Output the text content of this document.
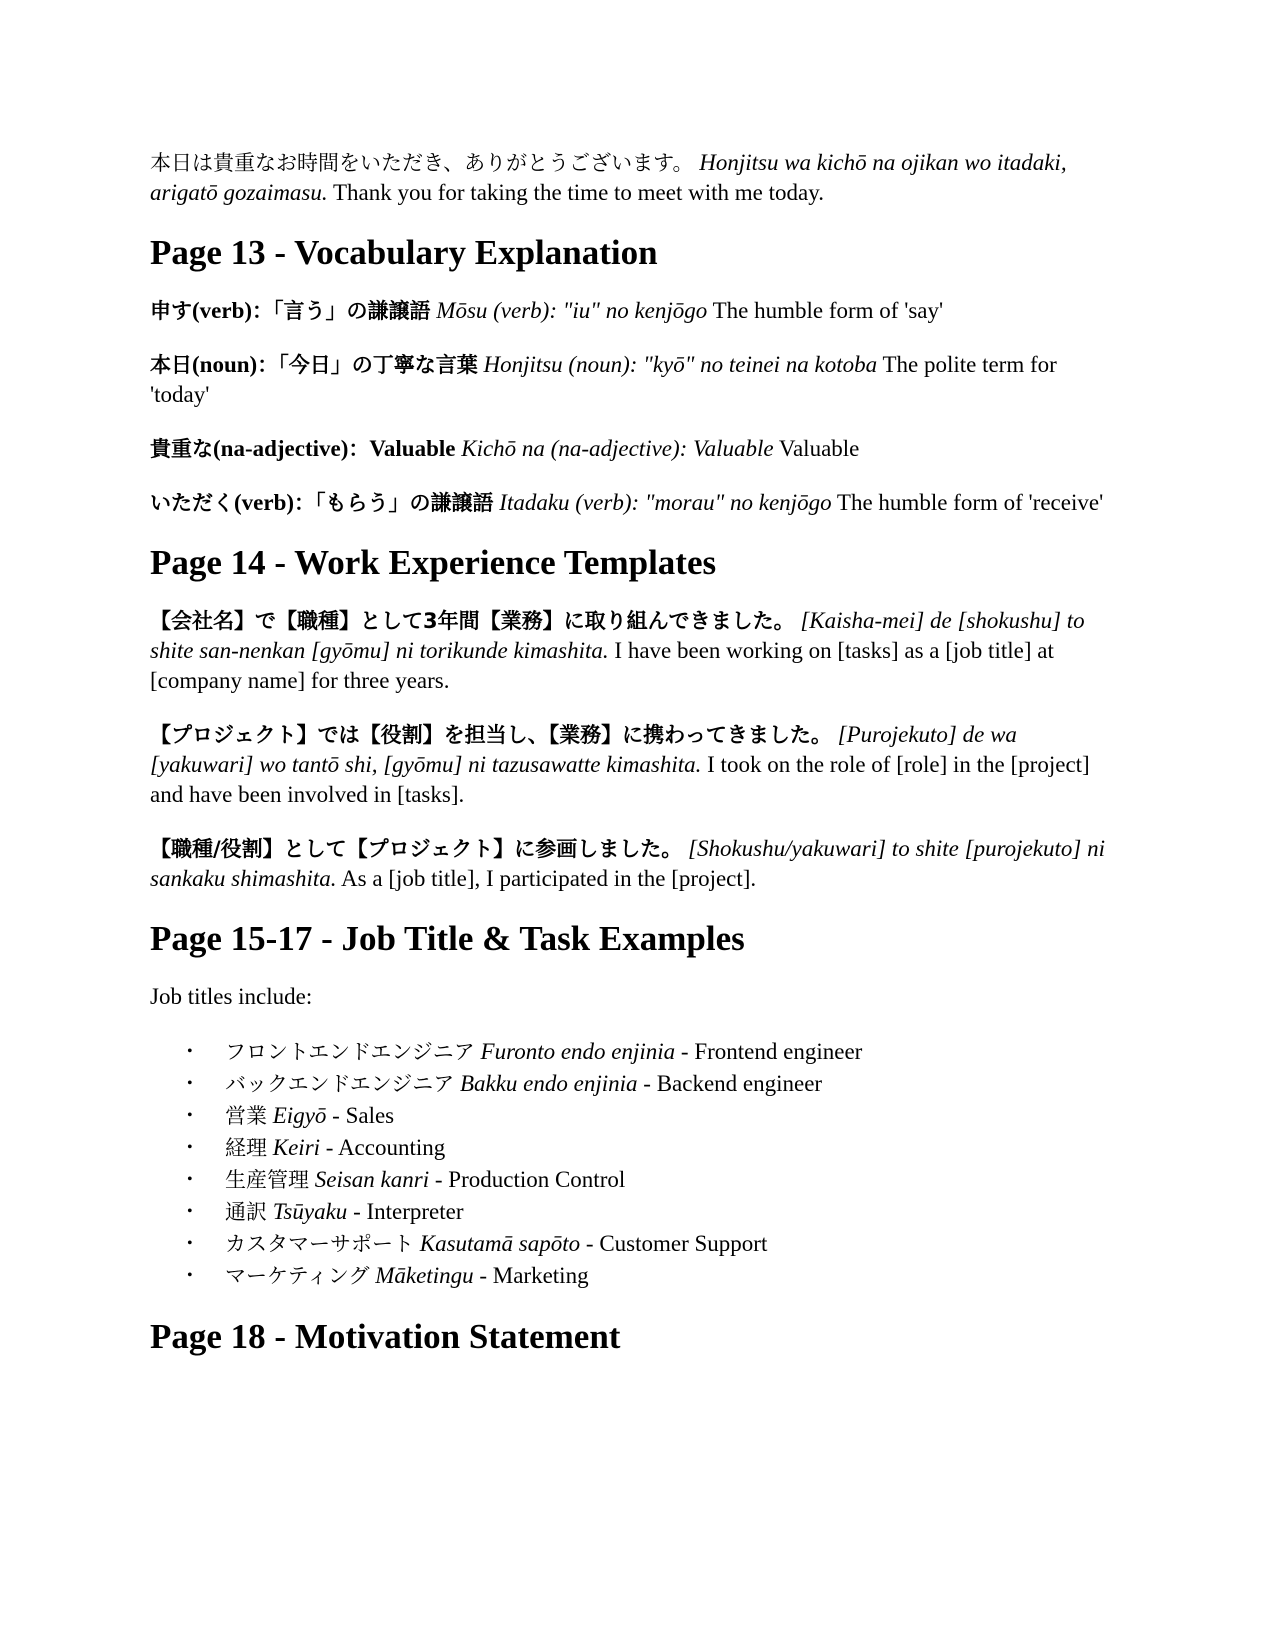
本日は貴重なお時間をいただき、ありがとうございます。 Honjitsu wa kichō na ojikan wo itadaki, arigatō gozaimasu. Thank you for taking the time to meet with me today.

Page 13 - Vocabulary Explanation

申す(verb)：「言う」の謙譲語 Mōsu (verb): "iu" no kenjōgo The humble form of 'say'

本日(noun)：「今日」の丁寧な言葉 Honjitsu (noun): "kyō" no teinei na kotoba The polite term for 'today'

貴重な(na-adjective)：Valuable Kichō na (na-adjective): Valuable Valuable

いただく(verb)：「もらう」の謙譲語 Itadaku (verb): "morau" no kenjōgo The humble form of 'receive'

Page 14 - Work Experience Templates

【会社名】で【職種】として3年間【業務】に取り組んできました。 [Kaisha-mei] de [shokushu] to shite san-nenkan [gyōmu] ni torikunde kimashita. I have been working on [tasks] as a [job title] at [company name] for three years.

【プロジェクト】では【役割】を担当し、【業務】に携わってきました。 [Purojekuto] de wa [yakuwari] wo tantō shi, [gyōmu] ni tazusawatte kimashita. I took on the role of [role] in the [project] and have been involved in [tasks].

【職種/役割】として【プロジェクト】に参画しました。 [Shokushu/yakuwari] to shite [purojekuto] ni sankaku shimashita. As a [job title], I participated in the [project].

Page 15-17 - Job Title & Task Examples

Job titles include:

• フロントエンドエンジニア Furonto endo enjinia - Frontend engineer
• バックエンドエンジニア Bakku endo enjinia - Backend engineer
• 営業 Eigyō - Sales
• 経理 Keiri - Accounting
• 生産管理 Seisan kanri - Production Control
• 通訳 Tsūyaku - Interpreter
• カスタマーサポート Kasutamā sapōto - Customer Support
• マーケティング Māketingu - Marketing
Page 18 - Motivation Statement
